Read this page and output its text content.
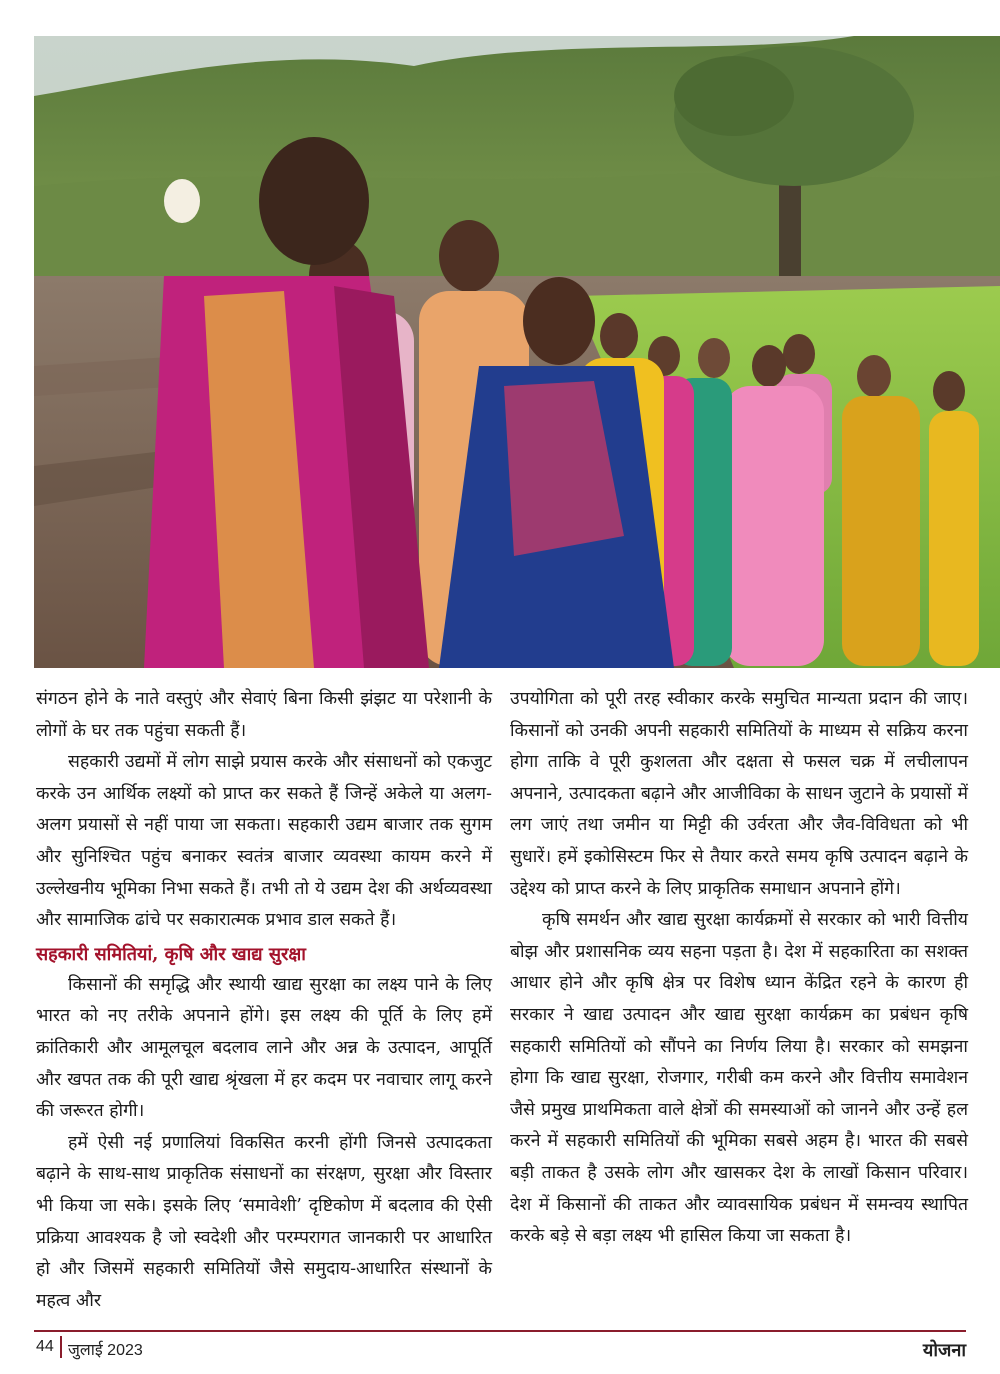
संगठन होने के नाते वस्तुएं और सेवाएं बिना किसी झंझट या परेशानी के लोगों के घर तक पहुंचा सकती हैं।

सहकारी उद्यमों में लोग साझे प्रयास करके और संसाधनों को एकजुट करके उन आर्थिक लक्ष्यों को प्राप्त कर सकते हैं जिन्हें अकेले या अलग-अलग प्रयासों से नहीं पाया जा सकता। सहकारी उद्यम बाजार तक सुगम और सुनिश्चित पहुंच बनाकर स्वतंत्र बाजार व्यवस्था कायम करने में उल्लेखनीय भूमिका निभा सकते हैं। तभी तो ये उद्यम देश की अर्थव्यवस्था और सामाजिक ढांचे पर सकारात्मक प्रभाव डाल सकते हैं।

सहकारी समितियां, कृषि और खाद्य सुरक्षा

किसानों की समृद्धि और स्थायी खाद्य सुरक्षा का लक्ष्य पाने के लिए भारत को नए तरीके अपनाने होंगे। इस लक्ष्य की पूर्ति के लिए हमें क्रांतिकारी और आमूलचूल बदलाव लाने और अन्न के उत्पादन, आपूर्ति और खपत तक की पूरी खाद्य श्रृंखला में हर कदम पर नवाचार लागू करने की जरूरत होगी।

हमें ऐसी नई प्रणालियां विकसित करनी होंगी जिनसे उत्पादकता बढ़ाने के साथ-साथ प्राकृतिक संसाधनों का संरक्षण, सुरक्षा और विस्तार भी किया जा सके। इसके लिए ‘समावेशी’ दृष्टिकोण में बदलाव की ऐसी प्रक्रिया आवश्यक है जो स्वदेशी और परम्परागत जानकारी पर आधारित हो और जिसमें सहकारी समितियों जैसे समुदाय-आधारित संस्थानों के महत्व और

उपयोगिता को पूरी तरह स्वीकार करके समुचित मान्यता प्रदान की जाए। किसानों को उनकी अपनी सहकारी समितियों के माध्यम से सक्रिय करना होगा ताकि वे पूरी कुशलता और दक्षता से फसल चक्र में लचीलापन अपनाने, उत्पादकता बढ़ाने और आजीविका के साधन जुटाने के प्रयासों में लग जाएं तथा जमीन या मिट्टी की उर्वरता और जैव-विविधता को भी सुधारें। हमें इकोसिस्टम फिर से तैयार करते समय कृषि उत्पादन बढ़ाने के उद्देश्य को प्राप्त करने के लिए प्राकृतिक समाधान अपनाने होंगे।

कृषि समर्थन और खाद्य सुरक्षा कार्यक्रमों से सरकार को भारी वित्तीय बोझ और प्रशासनिक व्यय सहना पड़ता है। देश में सहकारिता का सशक्त आधार होने और कृषि क्षेत्र पर विशेष ध्यान केंद्रित रहने के कारण ही सरकार ने खाद्य उत्पादन और खाद्य सुरक्षा कार्यक्रम का प्रबंधन कृषि सहकारी समितियों को सौंपने का निर्णय लिया है। सरकार को समझना होगा कि खाद्य सुरक्षा, रोजगार, गरीबी कम करने और वित्तीय समावेशन जैसे प्रमुख प्राथमिकता वाले क्षेत्रों की समस्याओं को जानने और उन्हें हल करने में सहकारी समितियों की भूमिका सबसे अहम है। भारत की सबसे बड़ी ताकत है उसके लोग और खासकर देश के लाखों किसान परिवार। देश में किसानों की ताकत और व्यावसायिक प्रबंधन में समन्वय स्थापित करके बड़े से बड़ा लक्ष्य भी हासिल किया जा सकता है।

44 जुलाई 2023	योजना
